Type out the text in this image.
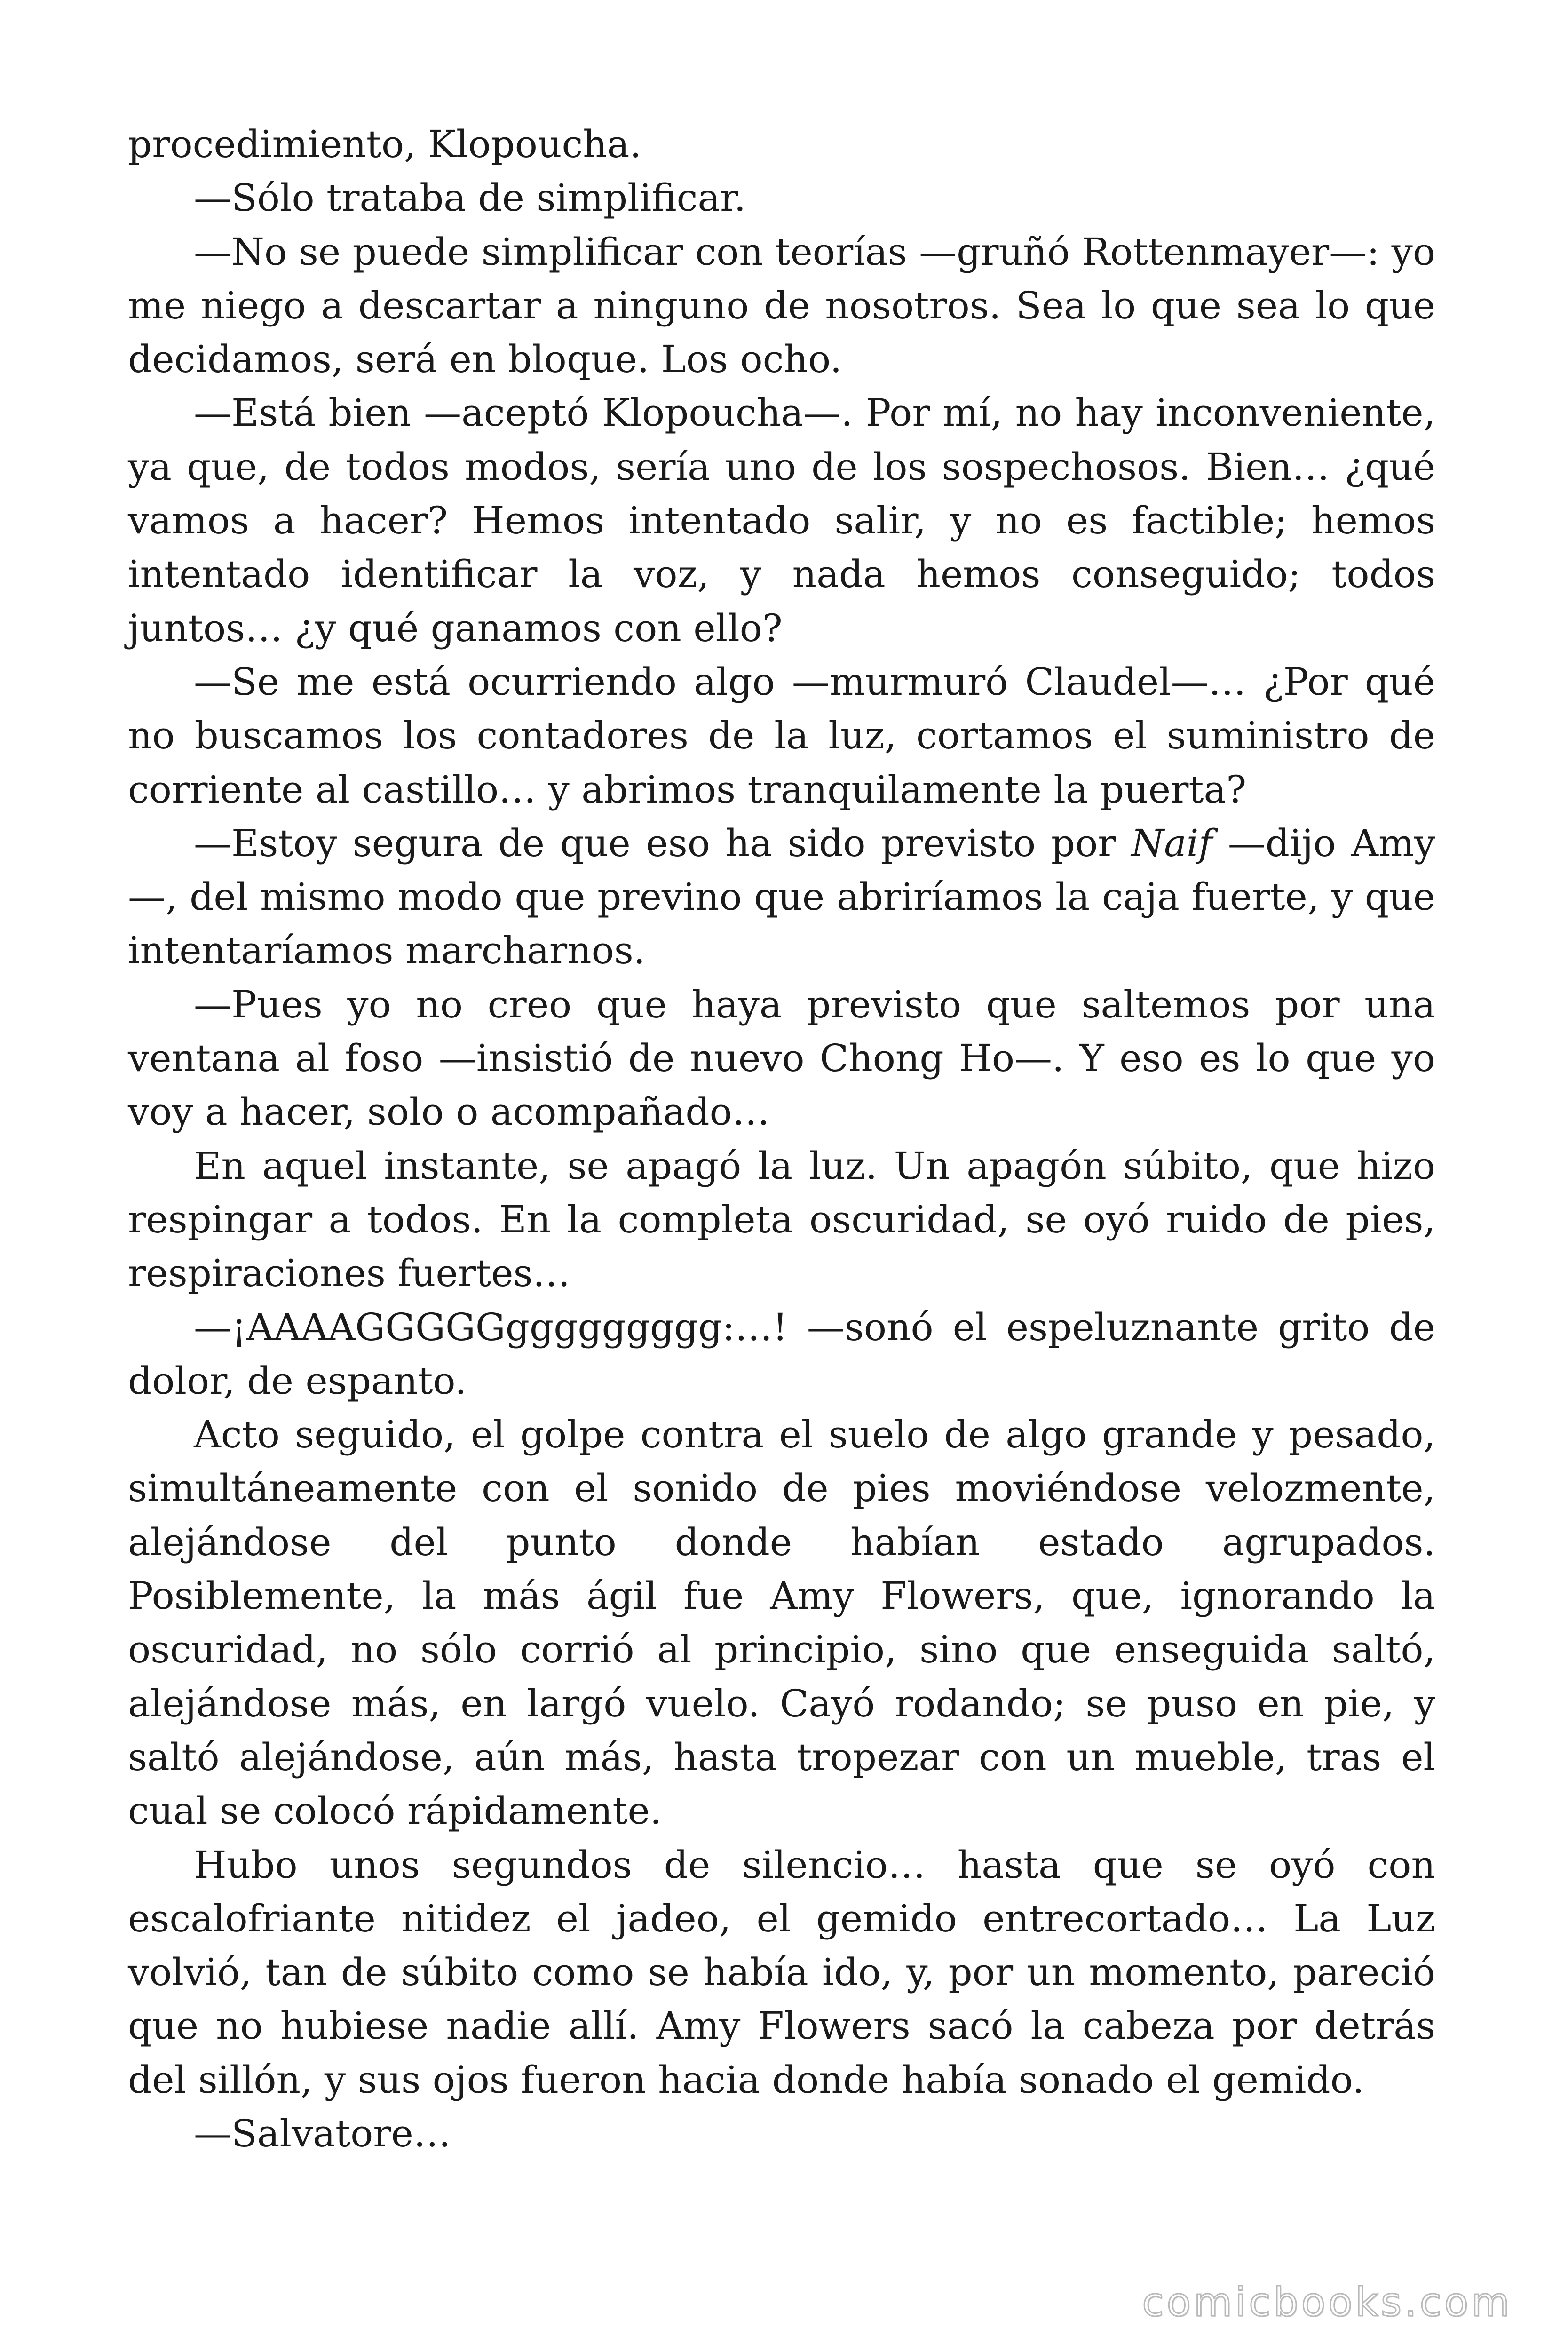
procedimiento, Klopoucha.

—Sólo trataba de simplificar.

—No se puede simplificar con teorías —gruñó Rottenmayer—: yo me niego a descartar a ninguno de nosotros. Sea lo que sea lo que decidamos, será en bloque. Los ocho.

—Está bien —aceptó Klopoucha—. Por mí, no hay inconveniente, ya que, de todos modos, sería uno de los sospechosos. Bien… ¿qué vamos a hacer? Hemos intentado salir, y no es factible; hemos intentado identificar la voz, y nada hemos conseguido; todos juntos… ¿y qué ganamos con ello?

—Se me está ocurriendo algo —murmuró Claudel—… ¿Por qué no buscamos los contadores de la luz, cortamos el suministro de corriente al castillo… y abrimos tranquilamente la puerta?

—Estoy segura de que eso ha sido previsto por Naif —dijo Amy —, del mismo modo que previno que abriríamos la caja fuerte, y que intentaríamos marcharnos.

—Pues yo no creo que haya previsto que saltemos por una ventana al foso —insistió de nuevo Chong Ho—. Y eso es lo que yo voy a hacer, solo o acompañado…

En aquel instante, se apagó la luz. Un apagón súbito, que hizo respingar a todos. En la completa oscuridad, se oyó ruido de pies, respiraciones fuertes…

—¡AAAAGGGGGggggggggg:…! —sonó el espeluznante grito de dolor, de espanto.

Acto seguido, el golpe contra el suelo de algo grande y pesado, simultáneamente con el sonido de pies moviéndose velozmente, alejándose del punto donde habían estado agrupados. Posiblemente, la más ágil fue Amy Flowers, que, ignorando la oscuridad, no sólo corrió al principio, sino que enseguida saltó, alejándose más, en largó vuelo. Cayó rodando; se puso en pie, y saltó alejándose, aún más, hasta tropezar con un mueble, tras el cual se colocó rápidamente.

Hubo unos segundos de silencio… hasta que se oyó con escalofriante nitidez el jadeo, el gemido entrecortado… La Luz volvió, tan de súbito como se había ido, y, por un momento, pareció que no hubiese nadie allí. Amy Flowers sacó la cabeza por detrás del sillón, y sus ojos fueron hacia donde había sonado el gemido.

—Salvatore…

comicbooks.com
